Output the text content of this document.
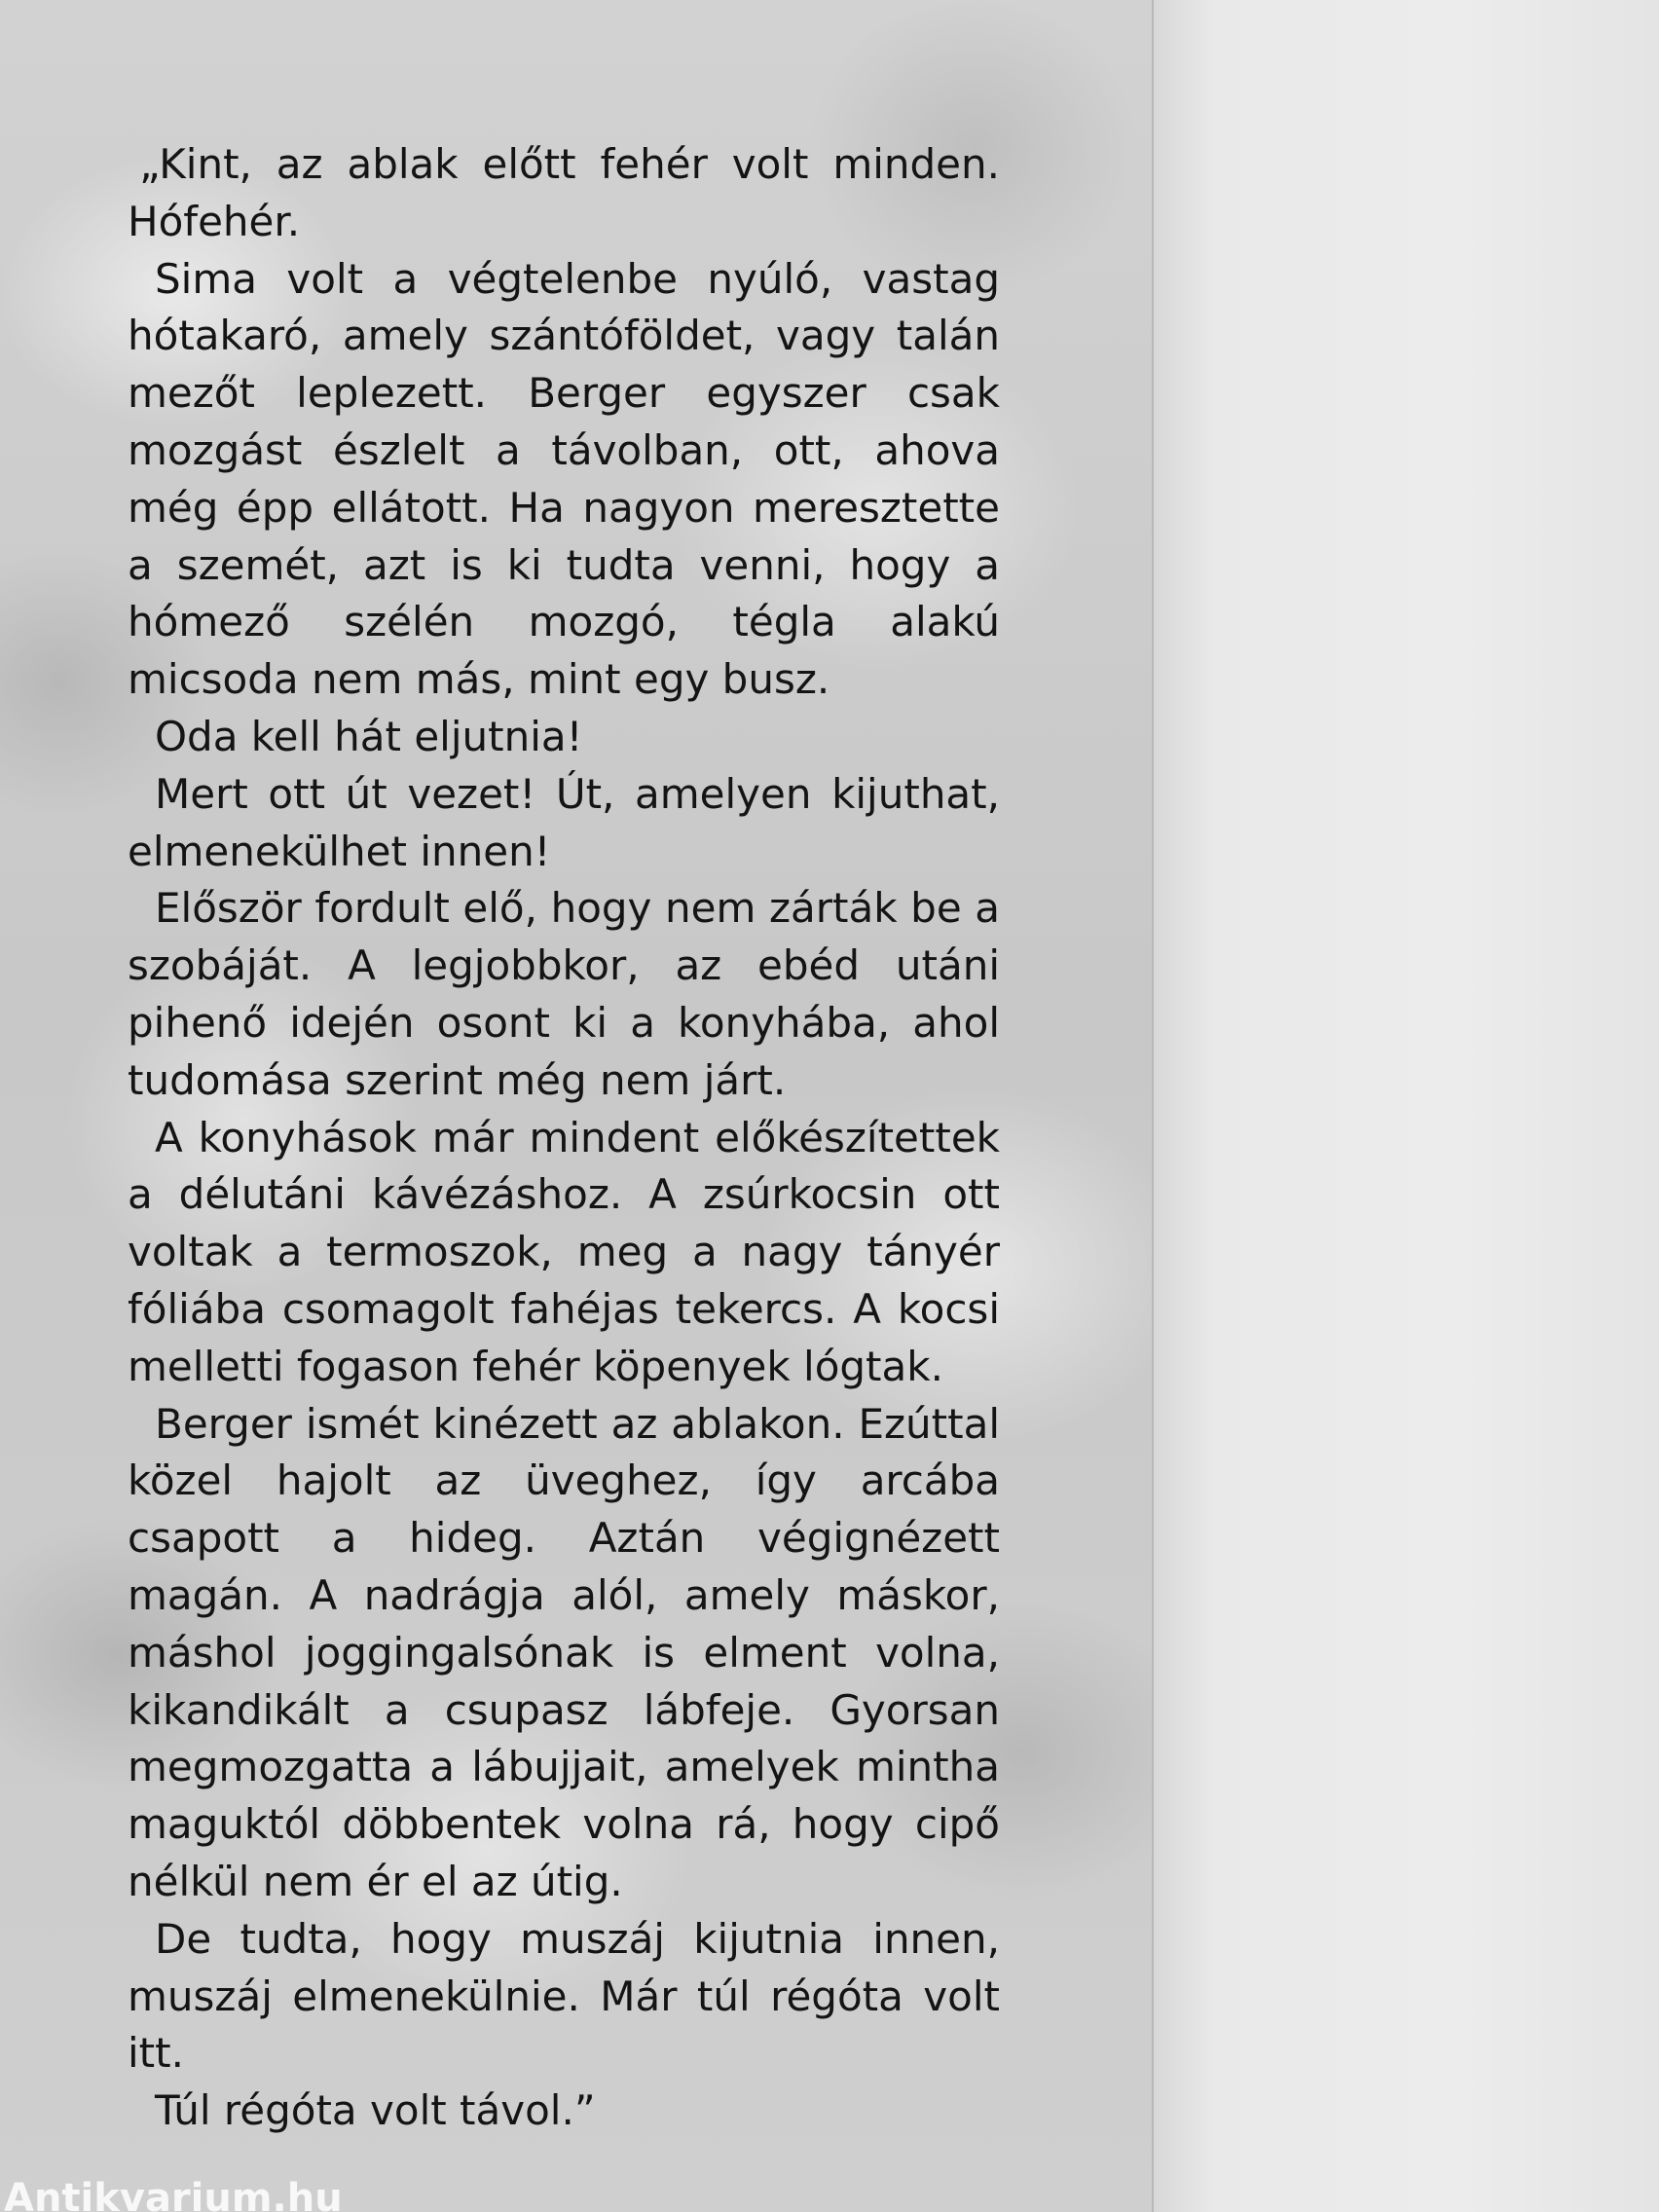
„Kint, az ablak előtt fehér volt minden. Hófehér.

Sima volt a végtelenbe nyúló, vastag hótakaró, amely szántóföldet, vagy talán mezőt leplezett. Berger egyszer csak mozgást észlelt a távolban, ott, ahova még épp ellátott. Ha nagyon meresztette a szemét, azt is ki tudta venni, hogy a hómező szélén mozgó, tégla alakú micsoda nem más, mint egy busz.

Oda kell hát eljutnia!

Mert ott út vezet! Út, amelyen kijuthat, elmenekülhet innen!

Először fordult elő, hogy nem zárták be a szobáját. A legjobbkor, az ebéd utáni pihenő idején osont ki a konyhába, ahol tudomása szerint még nem járt.

A konyhások már mindent előkészítettek a délutáni kávézáshoz. A zsúrkocsin ott voltak a termoszok, meg a nagy tányér fóliába csomagolt fahéjas tekercs. A kocsi melletti fogason fehér köpenyek lógtak.

Berger ismét kinézett az ablakon. Ezúttal közel hajolt az üveghez, így arcába csapott a hideg. Aztán végignézett magán. A nadrágja alól, amely máskor, máshol joggingalsónak is elment volna, kikandikált a csupasz lábfeje. Gyorsan megmozgatta a lábujjait, amelyek mintha maguktól döbbentek volna rá, hogy cipő nélkül nem ér el az útig.

De tudta, hogy muszáj kijutnia innen, muszáj elmenekülnie. Már túl régóta volt itt.

Túl régóta volt távol.”

Antikvarium.hu
